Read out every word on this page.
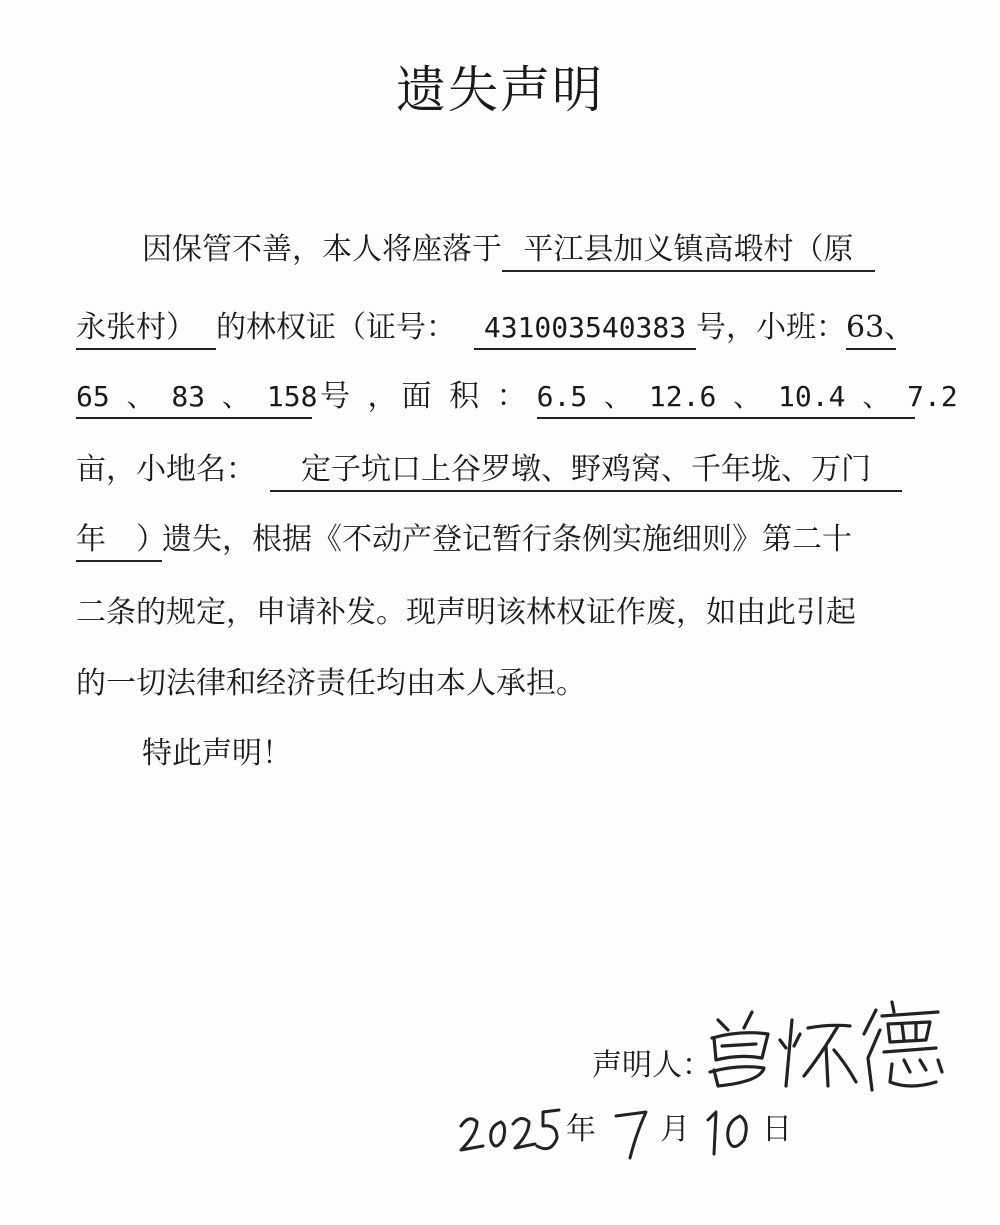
遗失声明
因保管不善，本人将座落于 平江县加义镇高塅村（原
永张村） 的林权证（证号： 431003540383 号，小班：63、
65 、 83 、 158号 ，面 积 ： 6.5 、 12.6 、 10.4 、 7.2
亩，小地名： 定子坑口上谷罗墩、野鸡窝、千年垅、万门
年　）遗失，根据《不动产登记暂行条例实施细则》第二十
二条的规定，申请补发。现声明该林权证作废，如由此引起
的一切法律和经济责任均由本人承担。
特此声明！
声明人：
年 月 日
